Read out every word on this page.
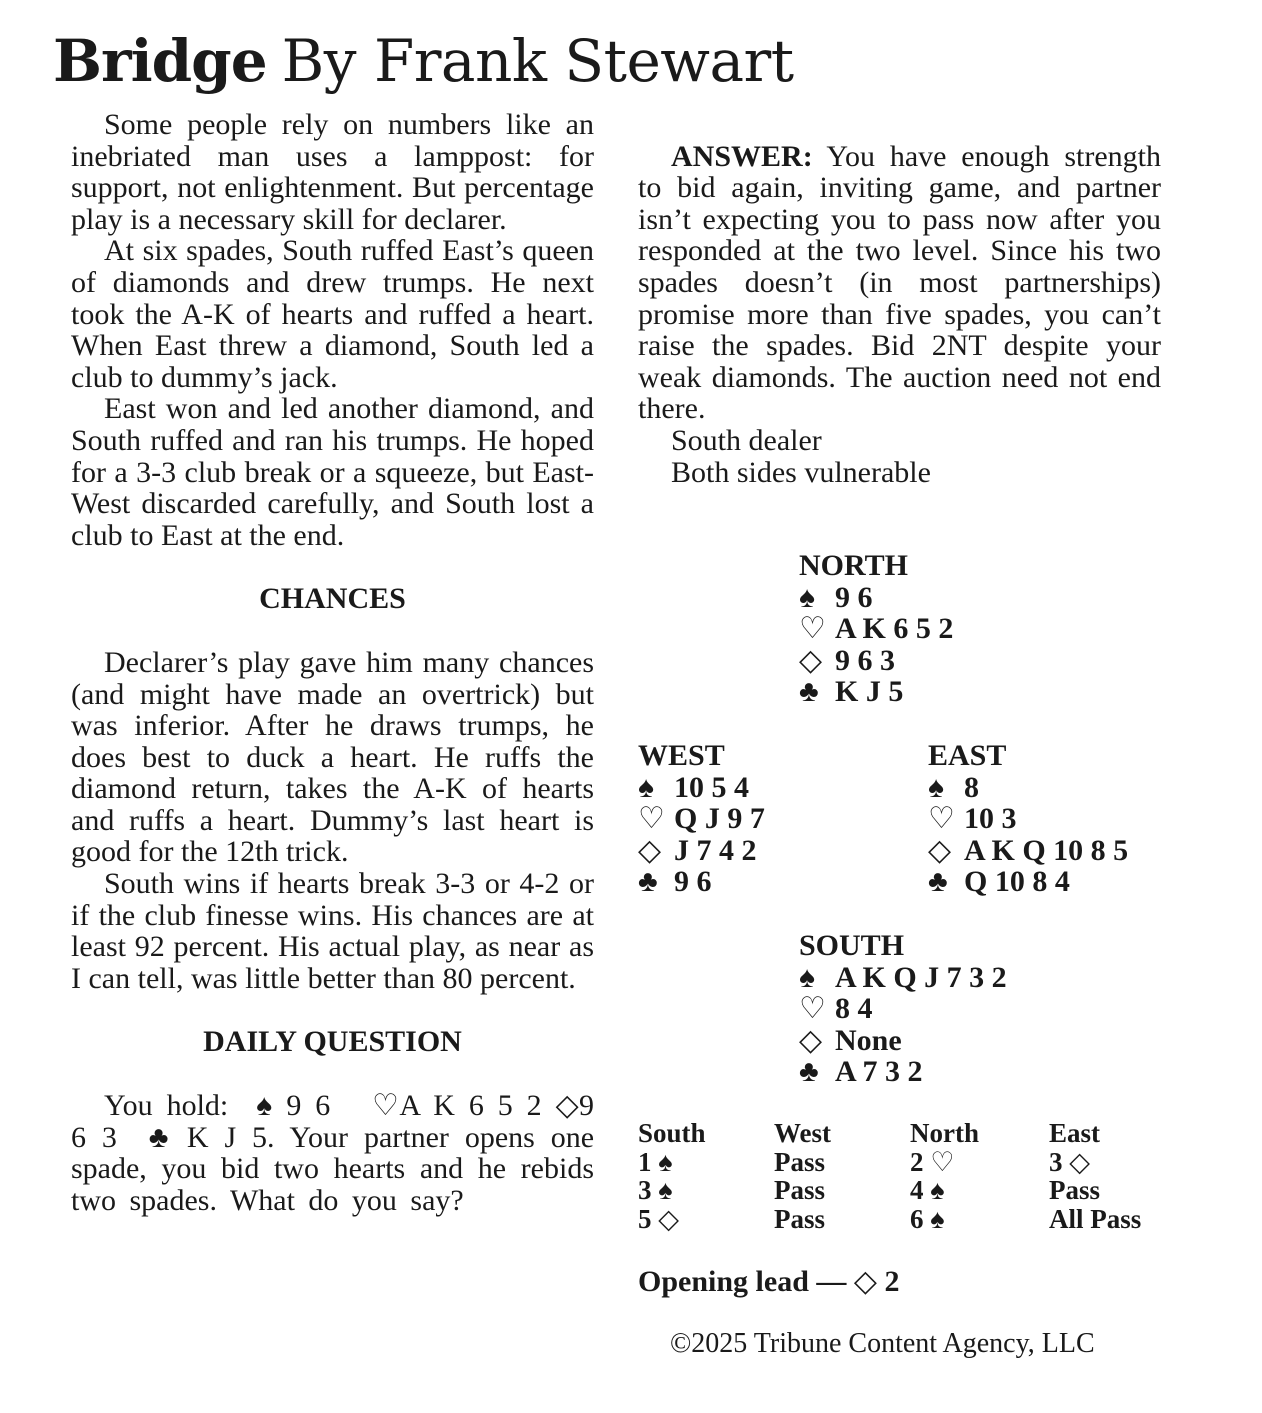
Bridge By Frank Stewart

Some people rely on numbers like an inebriated man uses a lamppost: for support, not enlightenment. But percentage play is a necessary skill for declarer.

At six spades, South ruffed East’s queen of diamonds and drew trumps. He next took the A-K of hearts and ruffed a heart. When East threw a diamond, South led a club to dummy’s jack.

East won and led another diamond, and South ruffed and ran his trumps. He hoped for a 3-3 club break or a squeeze, but East-West discarded carefully, and South lost a club to East at the end.

CHANCES

Declarer’s play gave him many chances (and might have made an overtrick) but was inferior. After he draws trumps, he does best to duck a heart. He ruffs the diamond return, takes the A-K of hearts and ruffs a heart. Dummy’s last heart is good for the 12th trick.

South wins if hearts break 3-3 or 4-2 or if the club finesse wins. His chances are at least 92 percent. His actual play, as near as I can tell, was little better than 80 percent.

DAILY QUESTION

You hold: ♠ 9 6 ♡A K 6 5 2 ◇9 6 3 ♣ K J 5. Your partner opens one spade, you bid two hearts and he rebids two spades. What do you say?

ANSWER: You have enough strength to bid again, inviting game, and partner isn’t expecting you to pass now after you responded at the two level. Since his two spades doesn’t (in most partnerships) promise more than five spades, you can’t raise the spades. Bid 2NT despite your weak diamonds. The auction need not end there.

South dealer

Both sides vulnerable

NORTH
♠ 9 6
♡ A K 6 5 2
◇ 9 6 3
♣ K J 5
WEST
♠ 10 5 4
♡ Q J 9 7
◇ J 7 4 2
♣ 9 6
EAST
♠ 8
♡ 10 3
◇ A K Q 10 8 5
♣ Q 10 8 4
SOUTH
♠ A K Q J 7 3 2
♡ 8 4
◇ None
♣ A 7 3 2
South	West	North	East
1 ♠	Pass	2 ♡	3 ◇
3 ♠	Pass	4 ♠	Pass
5 ◇	Pass	6 ♠	All Pass
Opening lead — ◇ 2
©2025 Tribune Content Agency, LLC
